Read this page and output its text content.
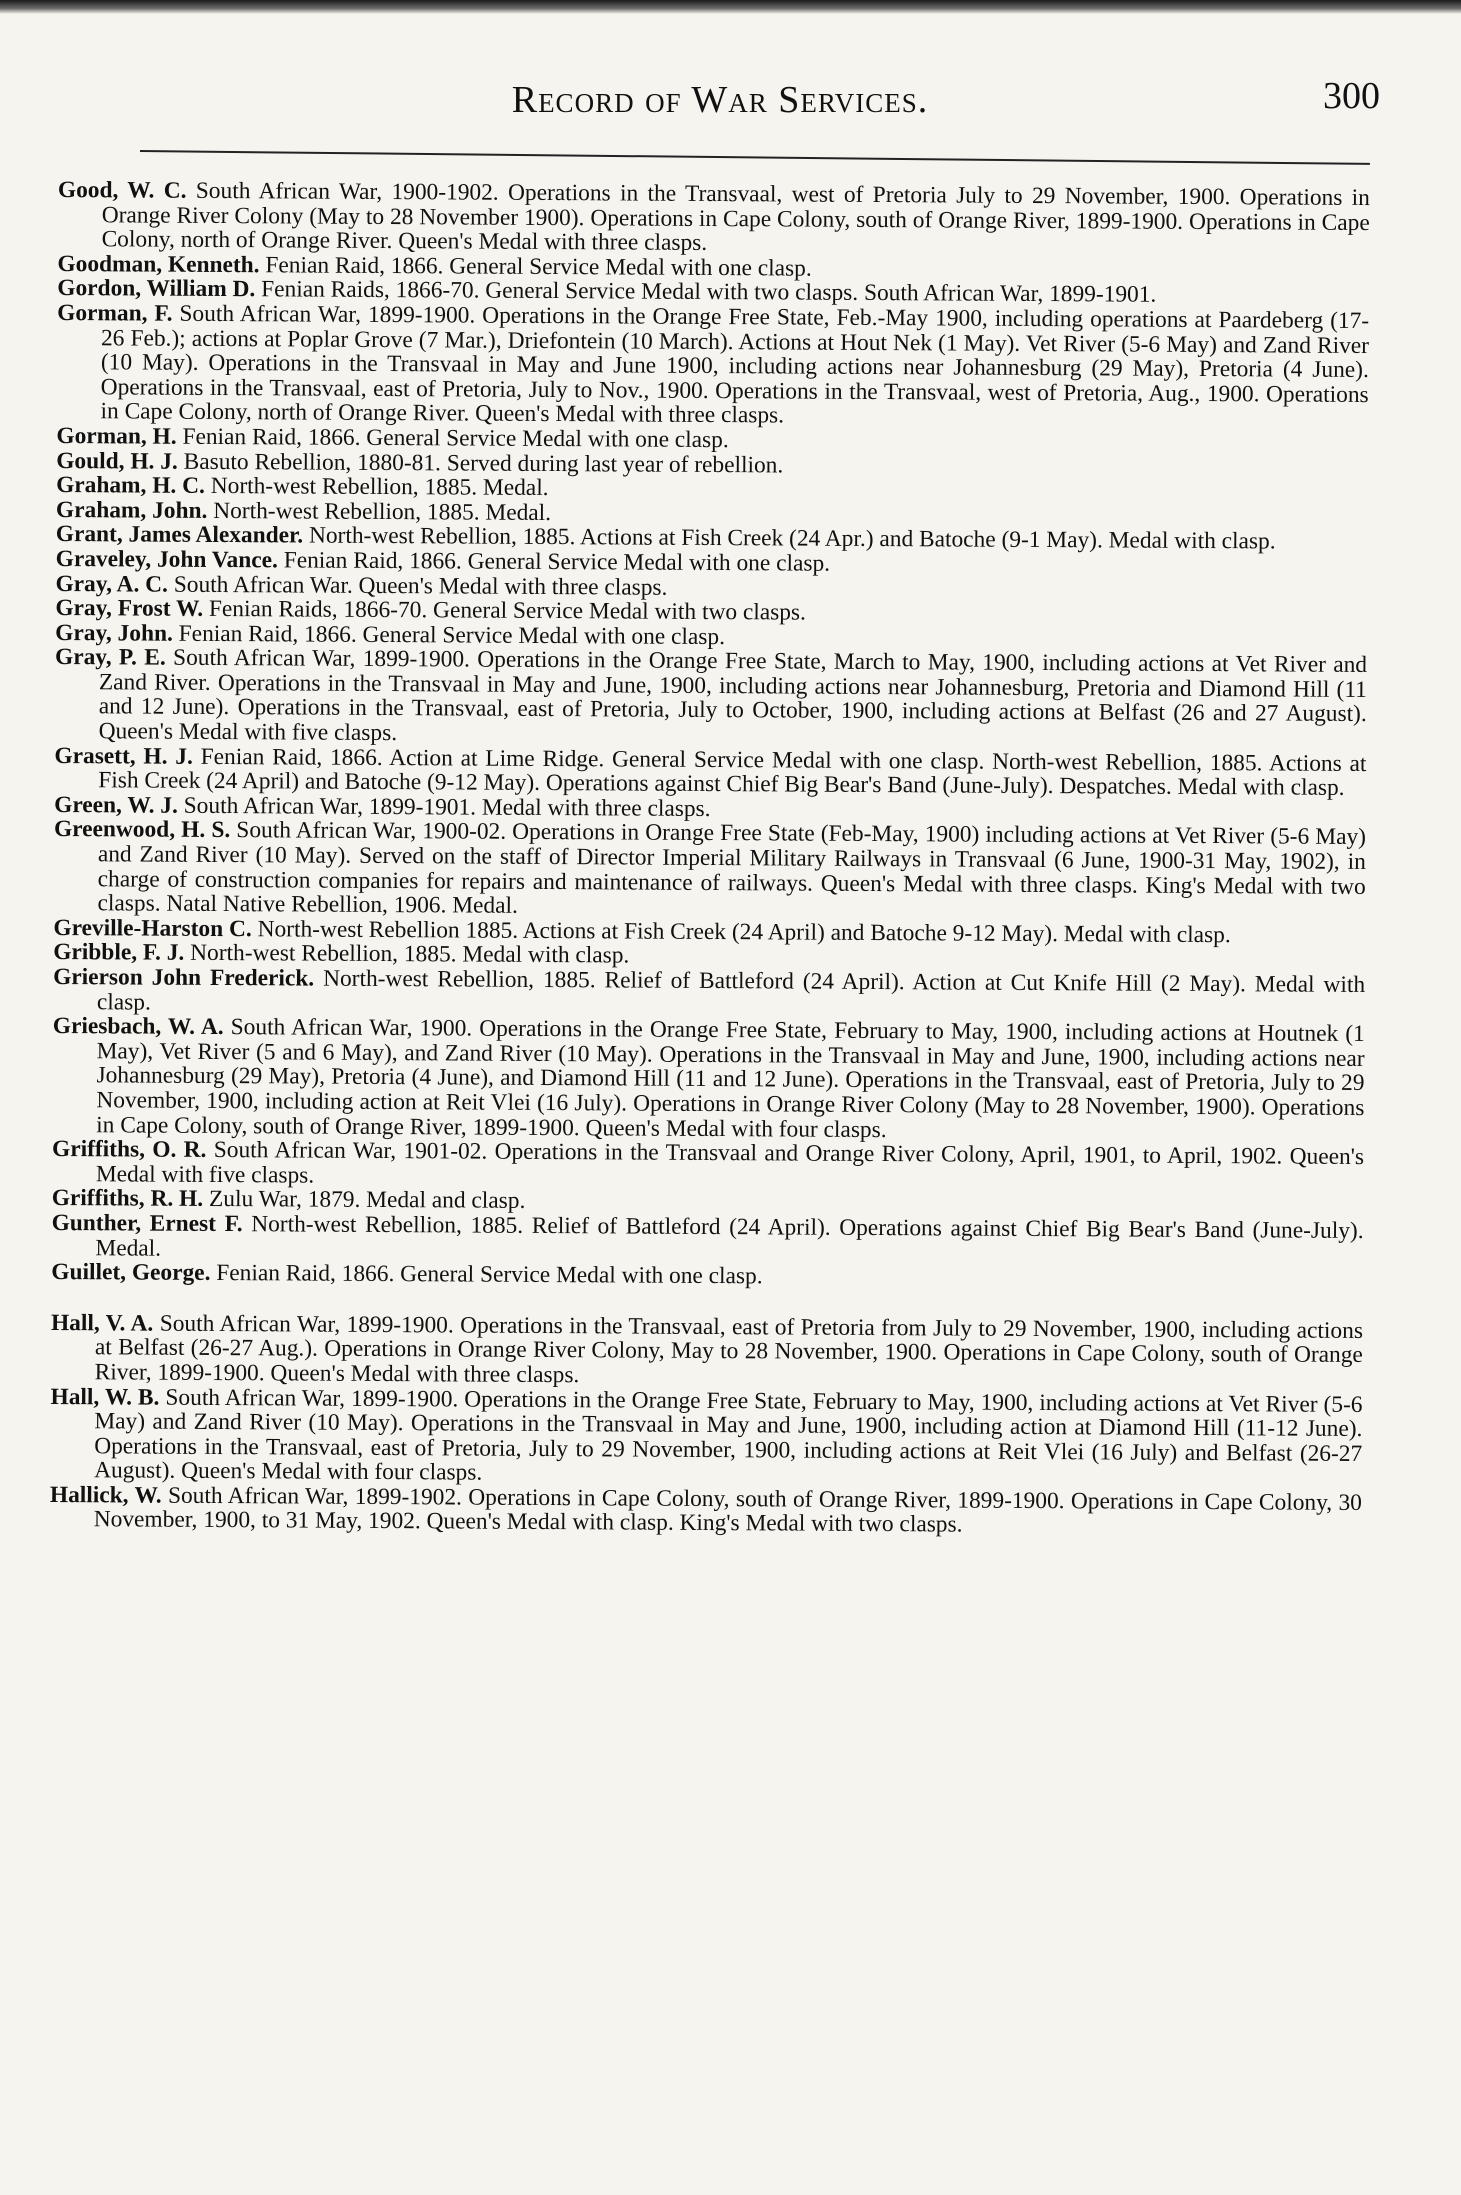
Record of War Services.	300

Good, W. C. South African War, 1900-1902. Operations in the Transvaal, west of Pretoria July to 29 November, 1900. Operations in Orange River Colony (May to 28 November 1900). Operations in Cape Colony, south of Orange River, 1899-1900. Operations in Cape Colony, north of Orange River. Queen's Medal with three clasps.

Goodman, Kenneth. Fenian Raid, 1866. General Service Medal with one clasp.

Gordon, William D. Fenian Raids, 1866-70. General Service Medal with two clasps. South African War, 1899-1901.

Gorman, F. South African War, 1899-1900. Operations in the Orange Free State, Feb.-May 1900, including operations at Paardeberg (17-26 Feb.); actions at Poplar Grove (7 Mar.), Driefontein (10 March). Actions at Hout Nek (1 May). Vet River (5-6 May) and Zand River (10 May). Operations in the Transvaal in May and June 1900, including actions near Johannesburg (29 May), Pretoria (4 June). Operations in the Transvaal, east of Pretoria, July to Nov., 1900. Operations in the Transvaal, west of Pretoria, Aug., 1900. Operations in Cape Colony, north of Orange River. Queen's Medal with three clasps.

Gorman, H. Fenian Raid, 1866. General Service Medal with one clasp.

Gould, H. J. Basuto Rebellion, 1880-81. Served during last year of rebellion.

Graham, H. C. North-west Rebellion, 1885. Medal.

Graham, John. North-west Rebellion, 1885. Medal.

Grant, James Alexander. North-west Rebellion, 1885. Actions at Fish Creek (24 Apr.) and Batoche (9-1 May). Medal with clasp.

Graveley, John Vance. Fenian Raid, 1866. General Service Medal with one clasp.

Gray, A. C. South African War. Queen's Medal with three clasps.

Gray, Frost W. Fenian Raids, 1866-70. General Service Medal with two clasps.

Gray, John. Fenian Raid, 1866. General Service Medal with one clasp.

Gray, P. E. South African War, 1899-1900. Operations in the Orange Free State, March to May, 1900, including actions at Vet River and Zand River. Operations in the Transvaal in May and June, 1900, including actions near Johannesburg, Pretoria and Diamond Hill (11 and 12 June). Operations in the Transvaal, east of Pretoria, July to October, 1900, including actions at Belfast (26 and 27 August). Queen's Medal with five clasps.

Grasett, H. J. Fenian Raid, 1866. Action at Lime Ridge. General Service Medal with one clasp. North-west Rebellion, 1885. Actions at Fish Creek (24 April) and Batoche (9-12 May). Operations against Chief Big Bear's Band (June-July). Despatches. Medal with clasp.

Green, W. J. South African War, 1899-1901. Medal with three clasps.

Greenwood, H. S. South African War, 1900-02. Operations in Orange Free State (Feb-May, 1900) including actions at Vet River (5-6 May) and Zand River (10 May). Served on the staff of Director Imperial Military Railways in Transvaal (6 June, 1900-31 May, 1902), in charge of construction companies for repairs and maintenance of railways. Queen's Medal with three clasps. King's Medal with two clasps. Natal Native Rebellion, 1906. Medal.

Greville-Harston C. North-west Rebellion 1885. Actions at Fish Creek (24 April) and Batoche 9-12 May). Medal with clasp.

Gribble, F. J. North-west Rebellion, 1885. Medal with clasp.

Grierson John Frederick. North-west Rebellion, 1885. Relief of Battleford (24 April). Action at Cut Knife Hill (2 May). Medal with clasp.

Griesbach, W. A. South African War, 1900. Operations in the Orange Free State, February to May, 1900, including actions at Houtnek (1 May), Vet River (5 and 6 May), and Zand River (10 May). Operations in the Transvaal in May and June, 1900, including actions near Johannesburg (29 May), Pretoria (4 June), and Diamond Hill (11 and 12 June). Operations in the Transvaal, east of Pretoria, July to 29 November, 1900, including action at Reit Vlei (16 July). Operations in Orange River Colony (May to 28 November, 1900). Operations in Cape Colony, south of Orange River, 1899-1900. Queen's Medal with four clasps.

Griffiths, O. R. South African War, 1901-02. Operations in the Transvaal and Orange River Colony, April, 1901, to April, 1902. Queen's Medal with five clasps.

Griffiths, R. H. Zulu War, 1879. Medal and clasp.

Gunther, Ernest F. North-west Rebellion, 1885. Relief of Battleford (24 April). Operations against Chief Big Bear's Band (June-July). Medal.

Guillet, George. Fenian Raid, 1866. General Service Medal with one clasp.

Hall, V. A. South African War, 1899-1900. Operations in the Transvaal, east of Pretoria from July to 29 November, 1900, including actions at Belfast (26-27 Aug.). Operations in Orange River Colony, May to 28 November, 1900. Operations in Cape Colony, south of Orange River, 1899-1900. Queen's Medal with three clasps.

Hall, W. B. South African War, 1899-1900. Operations in the Orange Free State, February to May, 1900, including actions at Vet River (5-6 May) and Zand River (10 May). Operations in the Transvaal in May and June, 1900, including action at Diamond Hill (11-12 June). Operations in the Transvaal, east of Pretoria, July to 29 November, 1900, including actions at Reit Vlei (16 July) and Belfast (26-27 August). Queen's Medal with four clasps.

Hallick, W. South African War, 1899-1902. Operations in Cape Colony, south of Orange River, 1899-1900. Operations in Cape Colony, 30 November, 1900, to 31 May, 1902. Queen's Medal with clasp. King's Medal with two clasps.
